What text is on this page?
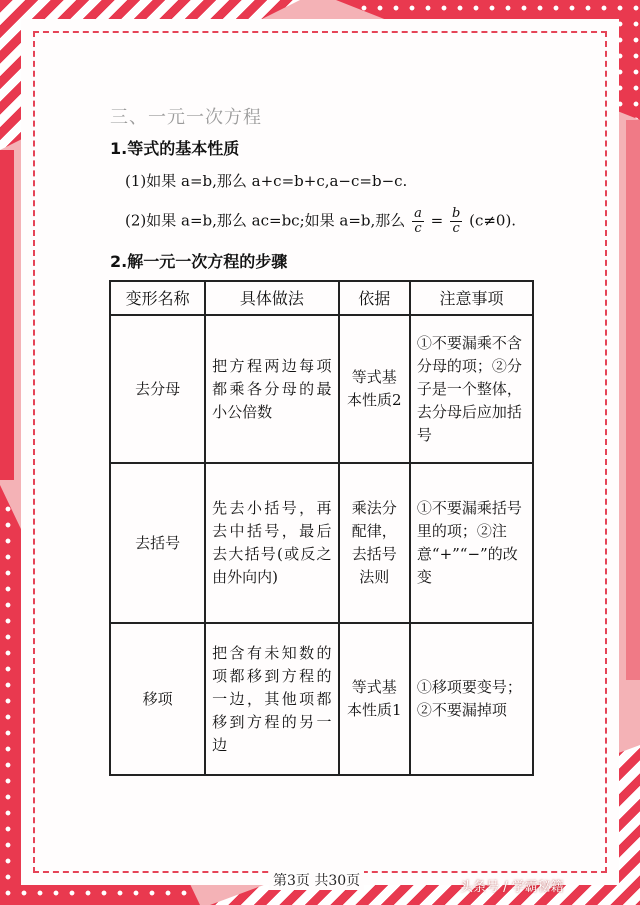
三、一元一次方程
1.等式的基本性质
(1)如果 a=b,那么 a+c=b+c,a−c=b−c.
(2)如果 a=b,那么 ac=bc;如果 a=b,那么 $\frac{a}{c} = \frac{b}{c} (c\ne 0)$.
2.解一元一次方程的步骤
变形名称	具体做法	依据	注意事项
去分母	把方程两边每项都乘各分母的最小公倍数	等式基本性质2	①不要漏乘不含分母的项；②分子是一个整体，去分母后应加括号
去括号	先去小括号，再去中括号，最后去大括号(或反之由外向内)	乘法分配律，去括号法则	①不要漏乘括号里的项；②注意“+”“−”的改变
移项	把含有未知数的项都移到方程的一边，其他项都移到方程的另一边	等式基本性质1	①移项要变号；②不要漏掉项
第3页 共30页	头条号 / 学霸秘籍
